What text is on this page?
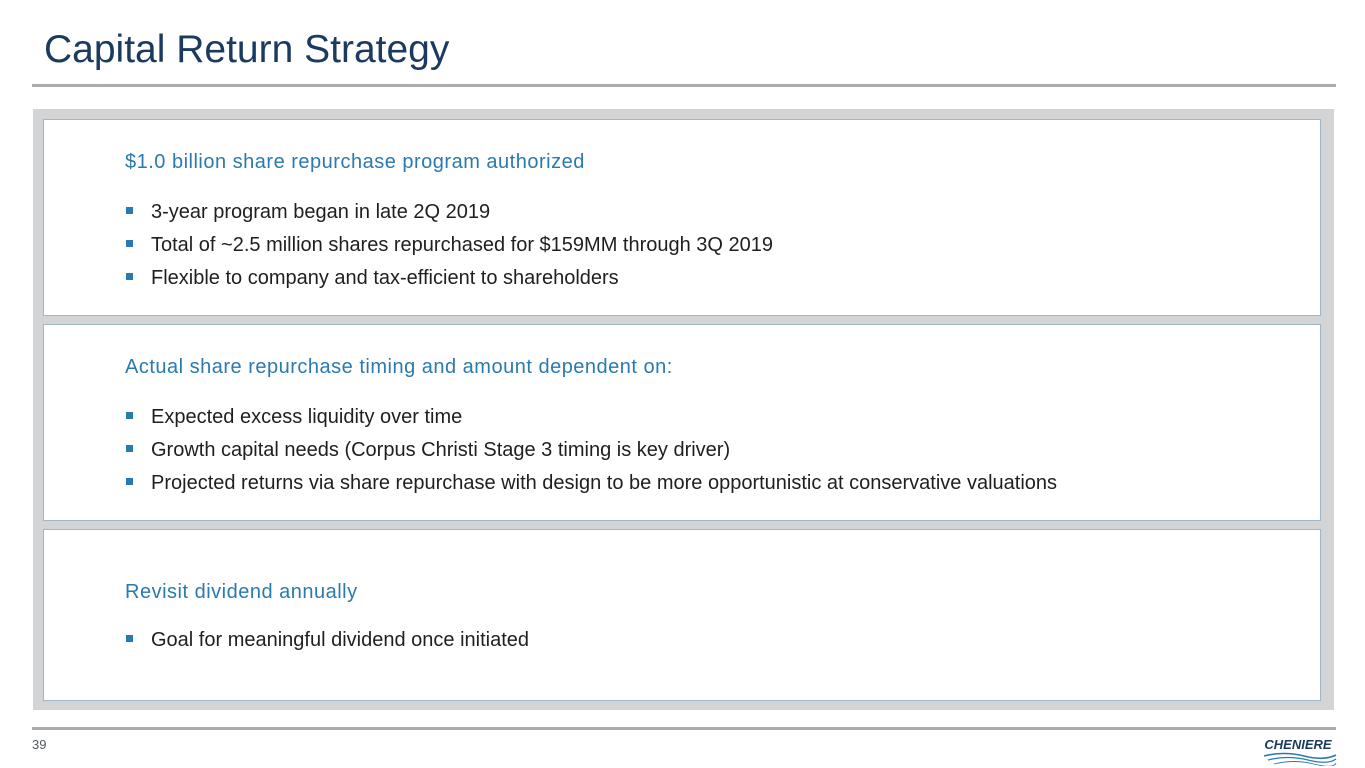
Capital Return Strategy
$1.0 billion share repurchase program authorized
3-year program began in late 2Q 2019
Total of ~2.5 million shares repurchased for $159MM through 3Q 2019
Flexible to company and tax-efficient to shareholders
Actual share repurchase timing and amount dependent on:
Expected excess liquidity over time
Growth capital needs (Corpus Christi Stage 3 timing is key driver)
Projected returns via share repurchase with design to be more opportunistic at conservative valuations
Revisit dividend annually
Goal for meaningful dividend once initiated
39	CHENIERE
